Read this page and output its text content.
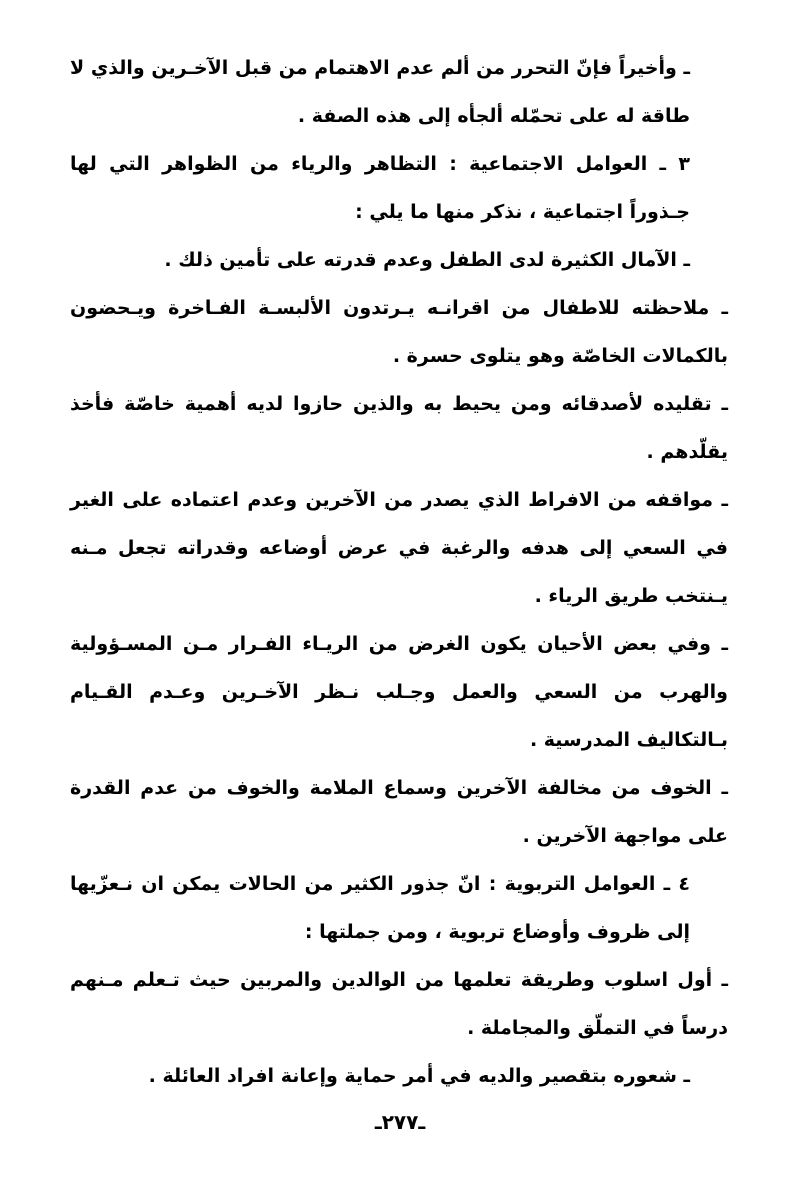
ـ وأخيراً فإنّ التحرر من ألم عدم الاهتمام من قبل الآخـرين والذي لا طاقة له على تحمّله ألجأه إلى هذه الصفة .

٣ ـ العوامل الاجتماعية : التظاهر والرياء من الظواهر التي لها جـذوراً اجتماعية ، نذكر منها ما يلي :

ـ الآمال الكثيرة لدى الطفل وعدم قدرته على تأمين ذلك .

ـ ملاحظته للاطفال من اقرانـه يـرتدون الألبسـة الفـاخرة ويـحضون بالكمالات الخاصّة وهو يتلوى حسرة .

ـ تقليده لأصدقائه ومن يحيط به والذين حازوا لديه أهمية خاصّة فأخذ يقلّدهم .

ـ مواقفه من الافراط الذي يصدر من الآخرين وعدم اعتماده على الغير في السعي إلى هدفه والرغبة في عرض أوضاعه وقدراته تجعل مـنه يـنتخب طريق الرياء .

ـ وفي بعض الأحيان يكون الغرض من الريـاء الفـرار مـن المسـؤولية والهرب من السعي والعمل وجـلب نـظر الآخـرين وعـدم القـيام بـالتكاليف المدرسية .

ـ الخوف من مخالفة الآخرين وسماع الملامة والخوف من عدم القدرة على مواجهة الآخرين .

٤ ـ العوامل التربوية : انّ جذور الكثير من الحالات يمكن ان نـعزّيها إلى ظروف وأوضاع تربوية ، ومن جملتها :

ـ أول اسلوب وطريقة تعلمها من الوالدين والمربين حيث تـعلم مـنهم درساً في التملّق والمجاملة .

ـ شعوره بتقصير والديه في أمر حماية وإعانة افراد العائلة .

ـ٢٧٧ـ
